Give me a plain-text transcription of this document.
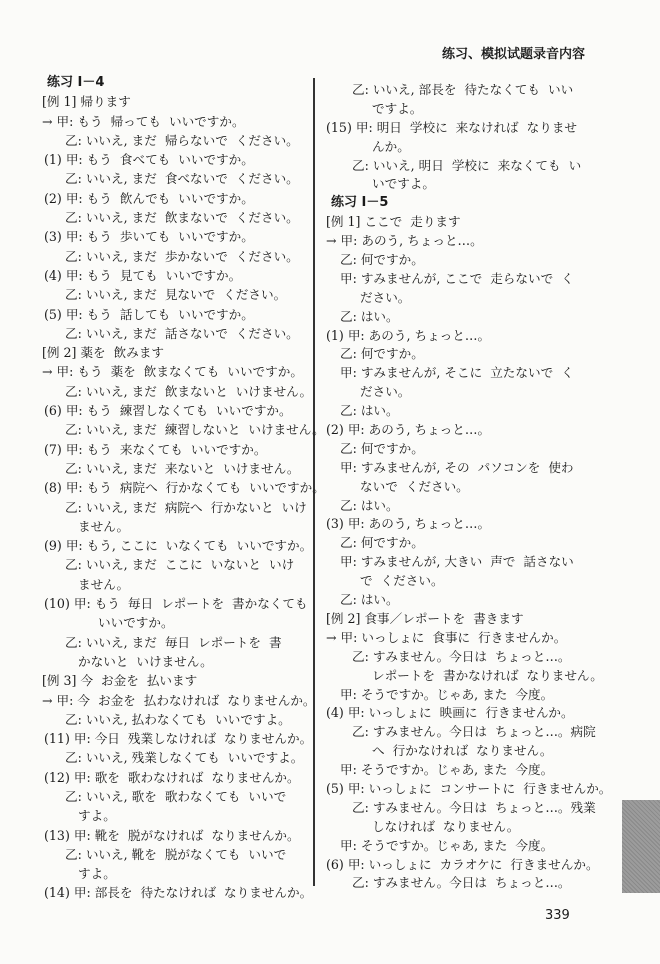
练习、模拟试题录音内容
练习 I－4
[例 1] 帰ります
→ 甲: もう  帰っても  いいですか。
乙: いいえ, まだ  帰らないで  ください。
(1) 甲: もう  食べても  いいですか。
乙: いいえ, まだ  食べないで  ください。
(2) 甲: もう  飲んでも  いいですか。
乙: いいえ, まだ  飲まないで  ください。
(3) 甲: もう  歩いても  いいですか。
乙: いいえ, まだ  歩かないで  ください。
(4) 甲: もう  見ても  いいですか。
乙: いいえ, まだ  見ないで  ください。
(5) 甲: もう  話しても  いいですか。
乙: いいえ, まだ  話さないで  ください。
[例 2] 薬を  飲みます
→ 甲: もう  薬を  飲まなくても  いいですか。
乙: いいえ, まだ  飲まないと  いけません。
(6) 甲: もう  練習しなくても  いいですか。
乙: いいえ, まだ  練習しないと  いけません。
(7) 甲: もう  来なくても  いいですか。
乙: いいえ, まだ  来ないと  いけません。
(8) 甲: もう  病院へ  行かなくても  いいですか。
乙: いいえ, まだ  病院へ  行かないと  いけ
ません。
(9) 甲: もう, ここに  いなくても  いいですか。
乙: いいえ, まだ  ここに  いないと  いけ
ません。
(10) 甲: もう  毎日  レポートを  書かなくても
いいですか。
乙: いいえ, まだ  毎日  レポートを  書
かないと  いけません。
[例 3] 今  お金を  払います
→ 甲: 今  お金を  払わなければ  なりませんか。
乙: いいえ, 払わなくても  いいですよ。
(11) 甲: 今日  残業しなければ  なりませんか。
乙: いいえ, 残業しなくても  いいですよ。
(12) 甲: 歌を  歌わなければ  なりませんか。
乙: いいえ, 歌を  歌わなくても  いいで
すよ。
(13) 甲: 靴を  脱がなければ  なりませんか。
乙: いいえ, 靴を  脱がなくても  いいで
すよ。
(14) 甲: 部長を  待たなければ  なりませんか。
乙: いいえ, 部長を  待たなくても  いい
ですよ。
(15) 甲: 明日  学校に  来なければ  なりませ
んか。
乙: いいえ, 明日  学校に  来なくても  い
いですよ。
练习 I－5
[例 1] ここで  走ります
→ 甲: あのう, ちょっと…。
乙: 何ですか。
甲: すみませんが, ここで  走らないで  く
ださい。
乙: はい。
(1) 甲: あのう, ちょっと…。
乙: 何ですか。
甲: すみませんが, そこに  立たないで  く
ださい。
乙: はい。
(2) 甲: あのう, ちょっと…。
乙: 何ですか。
甲: すみませんが, その  パソコンを  使わ
ないで  ください。
乙: はい。
(3) 甲: あのう, ちょっと…。
乙: 何ですか。
甲: すみませんが, 大きい  声で  話さない
で  ください。
乙: はい。
[例 2] 食事／レポートを  書きます
→ 甲: いっしょに  食事に  行きませんか。
乙: すみません。今日は  ちょっと…。
レポートを  書かなければ  なりません。
甲: そうですか。じゃあ, また  今度。
(4) 甲: いっしょに  映画に  行きませんか。
乙: すみません。今日は  ちょっと…。病院
へ  行かなければ  なりません。
甲: そうですか。じゃあ, また  今度。
(5) 甲: いっしょに  コンサートに  行きませんか。
乙: すみません。今日は  ちょっと…。残業
しなければ  なりません。
甲: そうですか。じゃあ, また  今度。
(6) 甲: いっしょに  カラオケに  行きませんか。
乙: すみません。今日は  ちょっと…。
339
